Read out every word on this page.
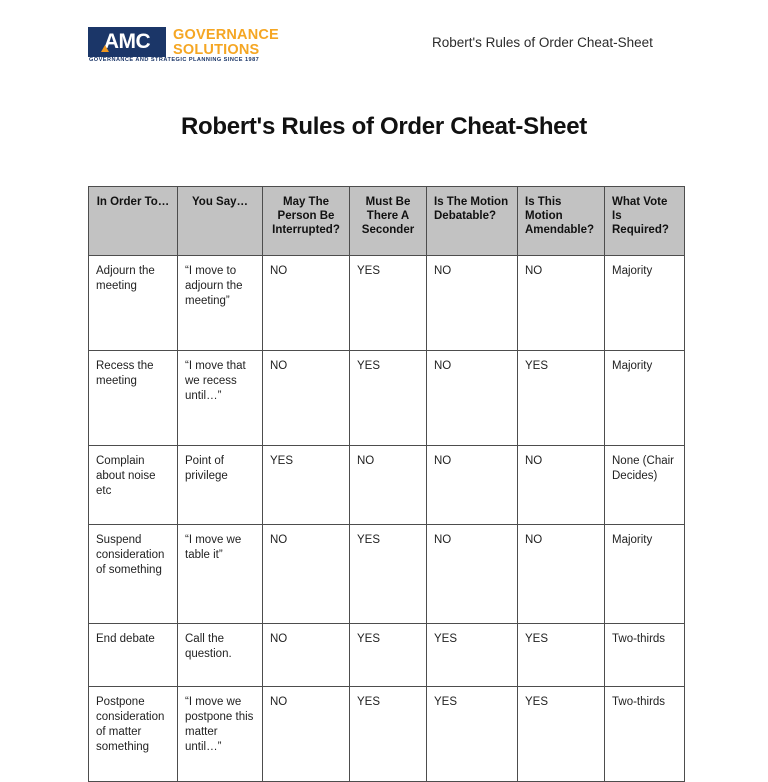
AMC GOVERNANCE
SOLUTIONS
GOVERNANCE AND STRATEGIC PLANNING SINCE 1987
Robert's Rules of Order Cheat-Sheet
Robert's Rules of Order Cheat-Sheet
In Order To…	You Say…	May The Person Be Interrupted?	Must Be There A Seconder	Is The Motion Debatable?	Is This Motion Amendable?	What Vote Is Required?
Adjourn the meeting	“I move to adjourn the meeting”	NO	YES	NO	NO	Majority
Recess the meeting	“I move that we recess until…”	NO	YES	NO	YES	Majority
Complain about noise etc	Point of privilege	YES	NO	NO	NO	None (Chair Decides)
Suspend consideration of something	“I move we table it”	NO	YES	NO	NO	Majority
End debate	Call the question.	NO	YES	YES	YES	Two-thirds
Postpone consideration of matter something	“I move we postpone this matter until…”	NO	YES	YES	YES	Two-thirds
